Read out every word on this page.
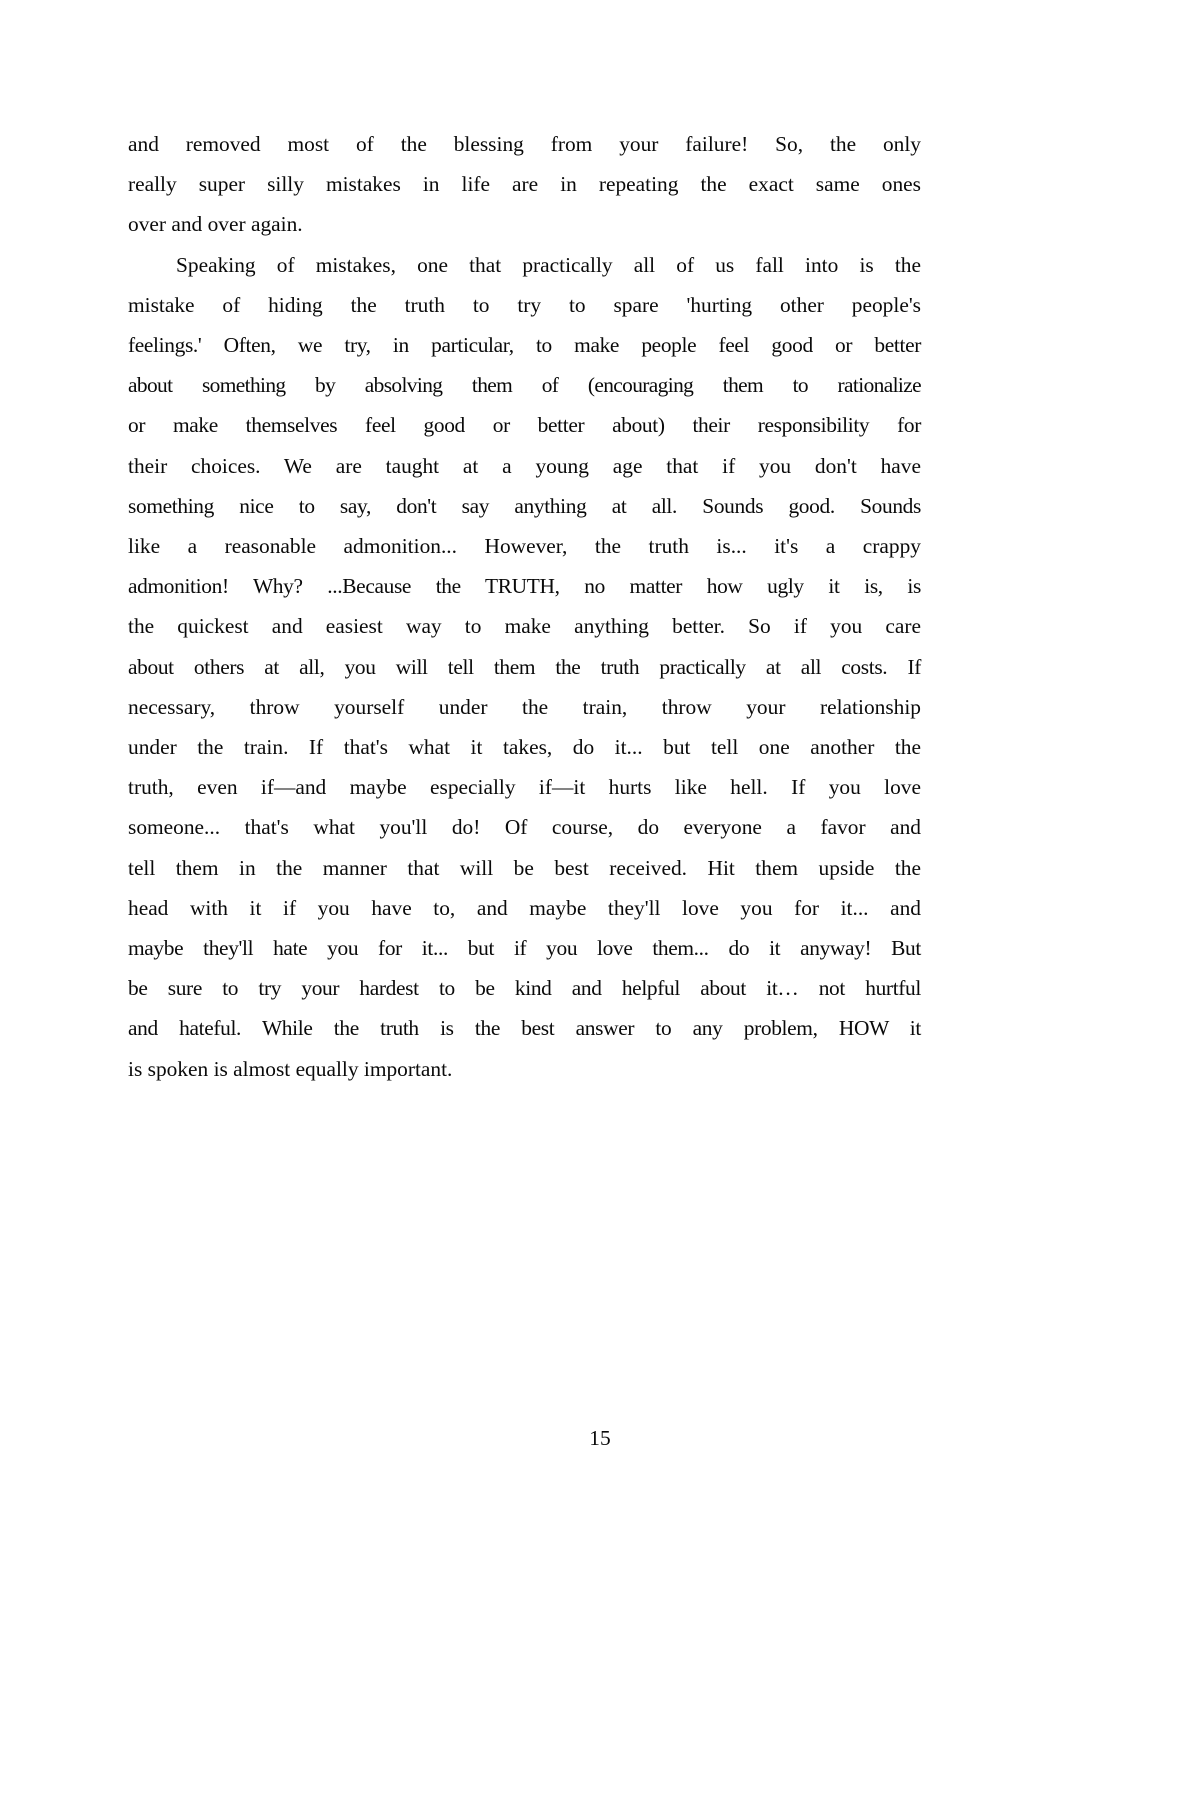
and removed most of the blessing from your failure! So, the only
really super silly mistakes in life are in repeating the exact same ones
over and over again.

Speaking of mistakes, one that practically all of us fall into is the
mistake of hiding the truth to try to spare 'hurting other people's
feelings.' Often, we try, in particular, to make people feel good or better
about something by absolving them of (encouraging them to rationalize
or make themselves feel good or better about) their responsibility for
their choices. We are taught at a young age that if you don't have
something nice to say, don't say anything at all. Sounds good. Sounds
like a reasonable admonition... However, the truth is... it's a crappy
admonition! Why? ...Because the TRUTH, no matter how ugly it is, is
the quickest and easiest way to make anything better. So if you care
about others at all, you will tell them the truth practically at all costs. If
necessary, throw yourself under the train, throw your relationship
under the train. If that's what it takes, do it... but tell one another the
truth, even if—and maybe especially if—it hurts like hell. If you love
someone... that's what you'll do! Of course, do everyone a favor and
tell them in the manner that will be best received. Hit them upside the
head with it if you have to, and maybe they'll love you for it... and
maybe they'll hate you for it... but if you love them... do it anyway! But
be sure to try your hardest to be kind and helpful about it… not hurtful
and hateful. While the truth is the best answer to any problem, HOW it
is spoken is almost equally important.

15
